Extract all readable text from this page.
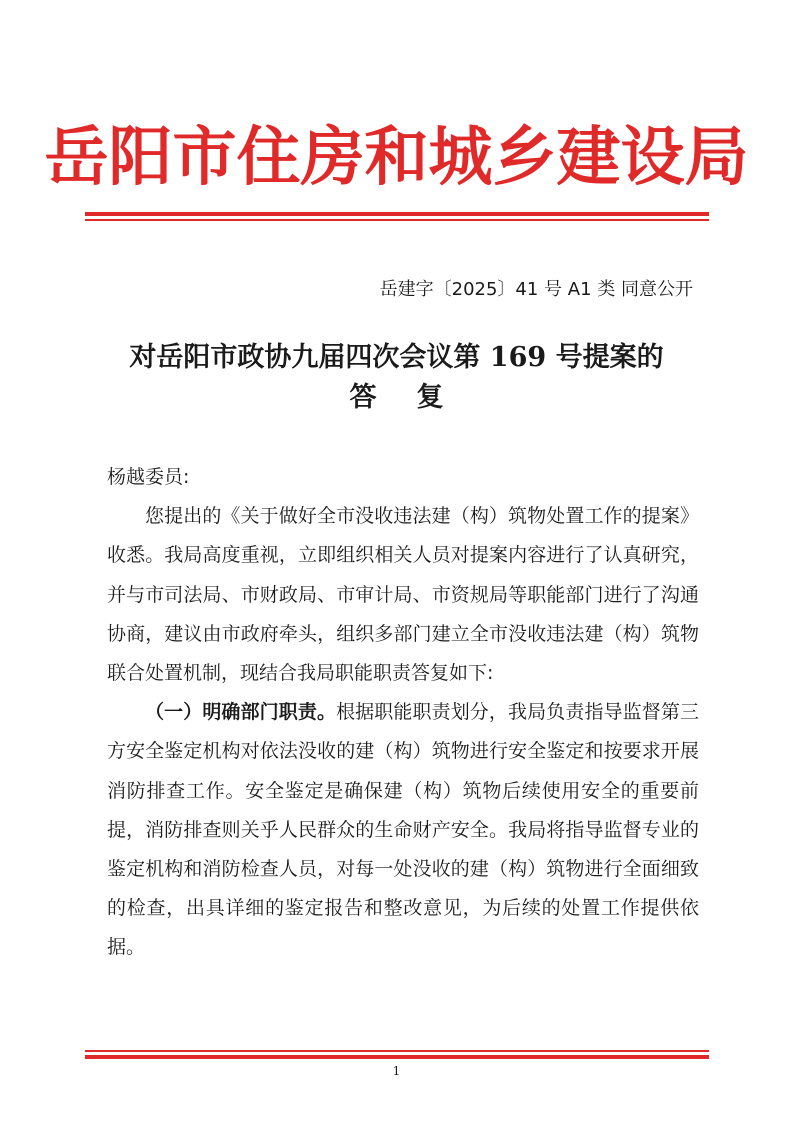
岳阳市住房和城乡建设局
岳建字〔2025〕41 号 A1 类 同意公开
对岳阳市政协九届四次会议第 169 号提案的
答复

杨越委员:

您提出的《关于做好全市没收违法建（构）筑物处置工作的提案》收悉。我局高度重视，立即组织相关人员对提案内容进行了认真研究，并与市司法局、市财政局、市审计局、市资规局等职能部门进行了沟通协商，建议由市政府牵头，组织多部门建立全市没收违法建（构）筑物联合处置机制，现结合我局职能职责答复如下:

（一）明确部门职责。根据职能职责划分，我局负责指导监督第三方安全鉴定机构对依法没收的建（构）筑物进行安全鉴定和按要求开展消防排查工作。安全鉴定是确保建（构）筑物后续使用安全的重要前提，消防排查则关乎人民群众的生命财产安全。我局将指导监督专业的鉴定机构和消防检查人员，对每一处没收的建（构）筑物进行全面细致的检查，出具详细的鉴定报告和整改意见，为后续的处置工作提供依据。

1
